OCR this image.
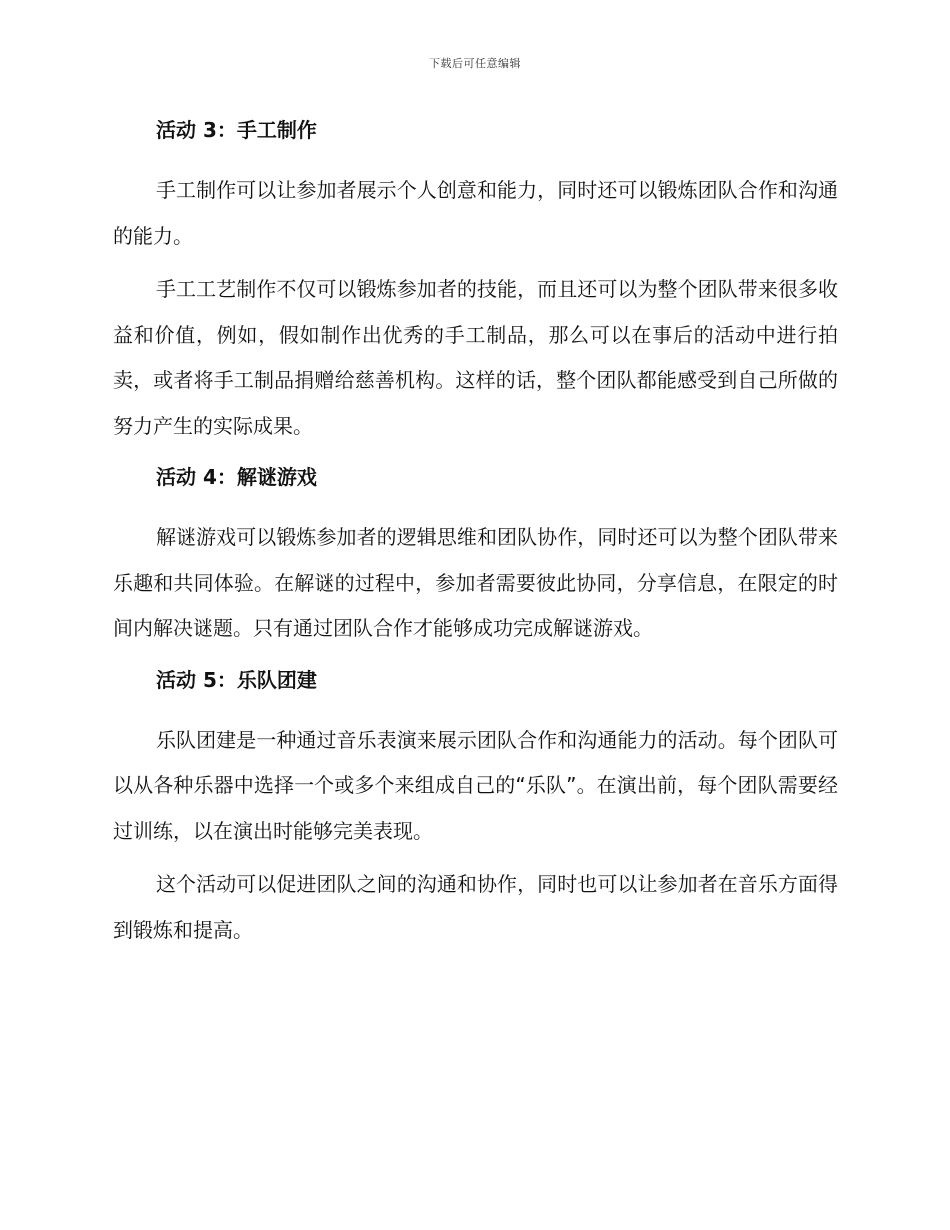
下载后可任意编辑
活动 3：手工制作

手工制作可以让参加者展示个人创意和能力，同时还可以锻炼团队合作和沟通的能力。

手工工艺制作不仅可以锻炼参加者的技能，而且还可以为整个团队带来很多收益和价值，例如，假如制作出优秀的手工制品，那么可以在事后的活动中进行拍卖，或者将手工制品捐赠给慈善机构。这样的话，整个团队都能感受到自己所做的努力产生的实际成果。

活动 4：解谜游戏

解谜游戏可以锻炼参加者的逻辑思维和团队协作，同时还可以为整个团队带来乐趣和共同体验。在解谜的过程中，参加者需要彼此协同，分享信息，在限定的时间内解决谜题。只有通过团队合作才能够成功完成解谜游戏。

活动 5：乐队团建

乐队团建是一种通过音乐表演来展示团队合作和沟通能力的活动。每个团队可以从各种乐器中选择一个或多个来组成自己的“乐队”。在演出前，每个团队需要经过训练，以在演出时能够完美表现。

这个活动可以促进团队之间的沟通和协作，同时也可以让参加者在音乐方面得到锻炼和提高。
